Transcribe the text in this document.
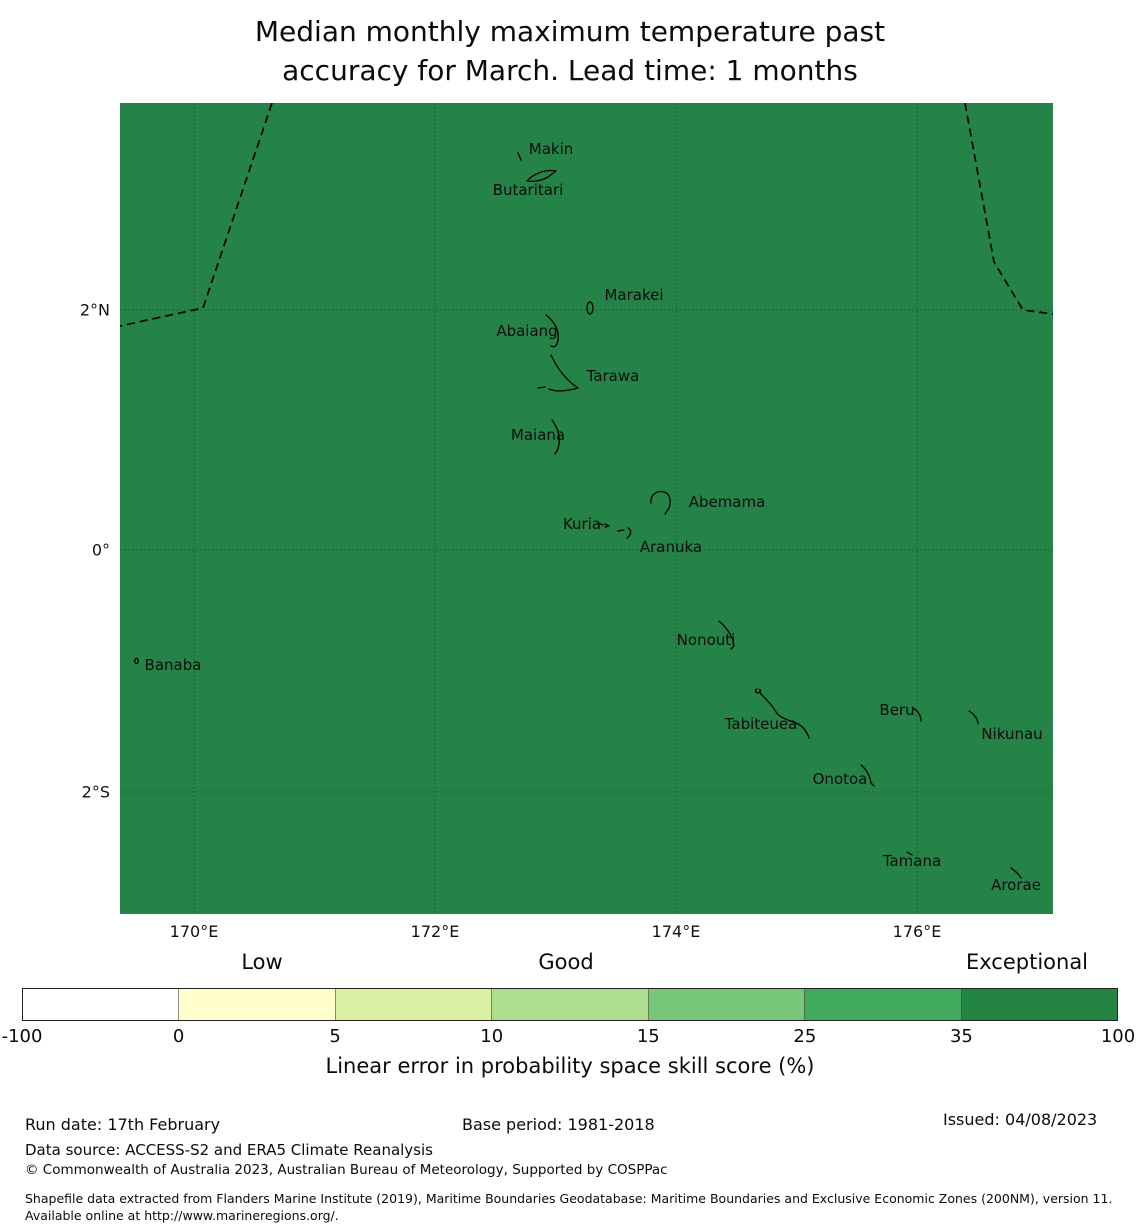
Median monthly maximum temperature past
accuracy for March. Lead time: 1 months
Makin
Butaritari
Marakei
Abaiang
Tarawa
Maiana
Abemama
Kuria
Aranuka
Nonouti
Banaba
Tabiteuea
Beru
Nikunau
Onotoa
Tamana
Arorae
2°N
0°
2°S
170°E	172°E	174°E	176°E
Low	Good	Exceptional
-100	0	5	10	15	25	35	100
Linear error in probability space skill score (%)
Run date: 17th February	Base period: 1981-2018	Issued: 04/08/2023
Data source: ACCESS-S2 and ERA5 Climate Reanalysis
© Commonwealth of Australia 2023, Australian Bureau of Meteorology, Supported by COSPPac
Shapefile data extracted from Flanders Marine Institute (2019), Maritime Boundaries Geodatabase: Maritime Boundaries and Exclusive Economic Zones (200NM), version 11. Available online at http://www.marineregions.org/.
